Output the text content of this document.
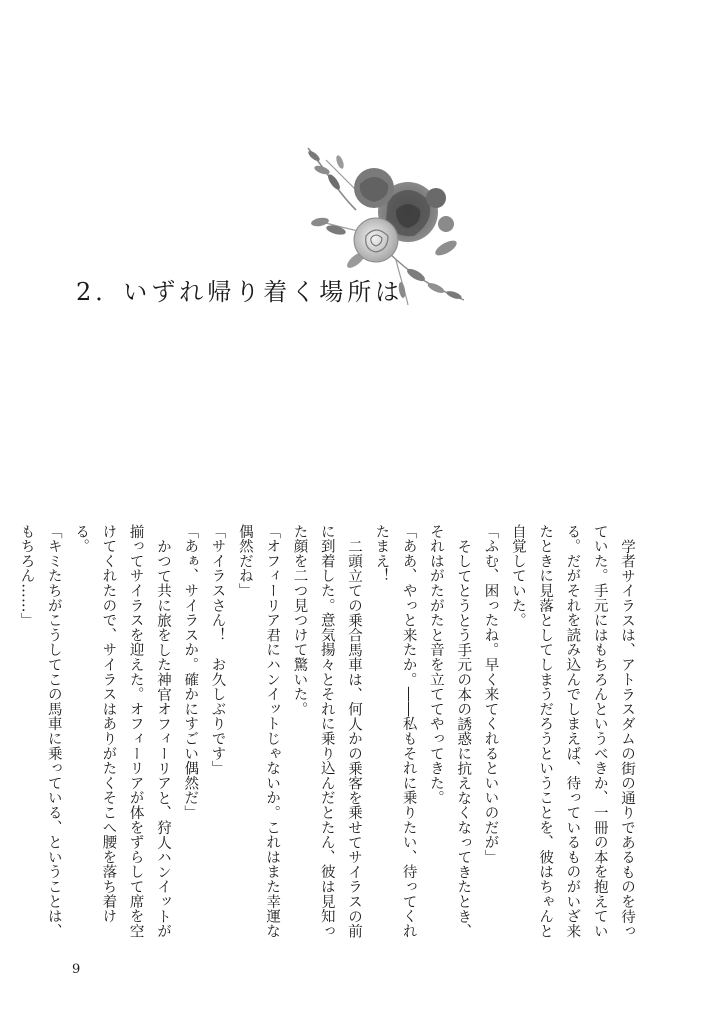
2．いずれ帰り着く場所は

学者サイラスは、アトラスダムの街の通りであるものを待っていた。手元にはもちろんというべきか、一冊の本を抱えている。だがそれを読み込んでしまえば、待っているものがいざ来たときに見落としてしまうだろうということを、彼はちゃんと自覚していた。

「ふむ、困ったね。早く来てくれるといいのだが」

そしてとうとう手元の本の誘惑に抗えなくなってきたとき、それはがたがたと音を立ててやってきた。

「ああ、やっと来たか。――私もそれに乗りたい、待ってくれたまえ！

二頭立ての乗合馬車は、何人かの乗客を乗せてサイラスの前に到着した。意気揚々とそれに乗り込んだとたん、彼は見知った顔を二つ見つけて驚いた。

「オフィーリア君にハンイットじゃないか。これはまた幸運な偶然だね」

「サイラスさん！　お久しぶりです」

「あぁ、サイラスか。確かにすごい偶然だ」

かつて共に旅をした神官オフィーリアと、狩人ハンイットが揃ってサイラスを迎えた。オフィーリアが体をずらして席を空けてくれたので、サイラスはありがたくそこへ腰を落ち着ける。

「キミたちがこうしてこの馬車に乗っている、ということは、もちろん……」

9
